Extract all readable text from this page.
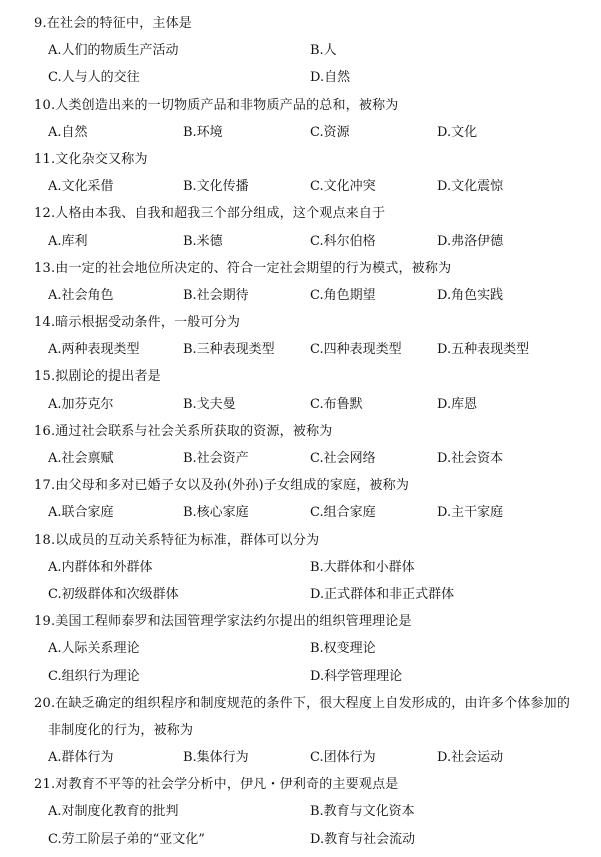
9.在社会的特征中，主体是
A.人们的物质生产活动	B.人
C.人与人的交往	D.自然
10.人类创造出来的一切物质产品和非物质产品的总和，被称为
A.自然	B.环境	C.资源	D.文化
11.文化杂交又称为
A.文化采借	B.文化传播	C.文化冲突	D.文化震惊
12.人格由本我、自我和超我三个部分组成，这个观点来自于
A.库利	B.米德	C.科尔伯格	D.弗洛伊德
13.由一定的社会地位所决定的、符合一定社会期望的行为模式，被称为
A.社会角色	B.社会期待	C.角色期望	D.角色实践
14.暗示根据受动条件，一般可分为
A.两种表现类型	B.三种表现类型	C.四种表现类型	D.五种表现类型
15.拟剧论的提出者是
A.加芬克尔	B.戈夫曼	C.布鲁默	D.库恩
16.通过社会联系与社会关系所获取的资源，被称为
A.社会禀赋	B.社会资产	C.社会网络	D.社会资本
17.由父母和多对已婚子女以及孙(外孙)子女组成的家庭，被称为
A.联合家庭	B.核心家庭	C.组合家庭	D.主干家庭
18.以成员的互动关系特征为标准，群体可以分为
A.内群体和外群体	B.大群体和小群体
C.初级群体和次级群体	D.正式群体和非正式群体
19.美国工程师泰罗和法国管理学家法约尔提出的组织管理理论是
A.人际关系理论	B.权变理论
C.组织行为理论	D.科学管理理论
20.在缺乏确定的组织程序和制度规范的条件下，很大程度上自发形成的，由许多个体参加的
非制度化的行为，被称为
A.群体行为	B.集体行为	C.团体行为	D.社会运动
21.对教育不平等的社会学分析中，伊凡・伊利奇的主要观点是
A.对制度化教育的批判	B.教育与文化资本
C.劳工阶层子弟的“亚文化”	D.教育与社会流动
